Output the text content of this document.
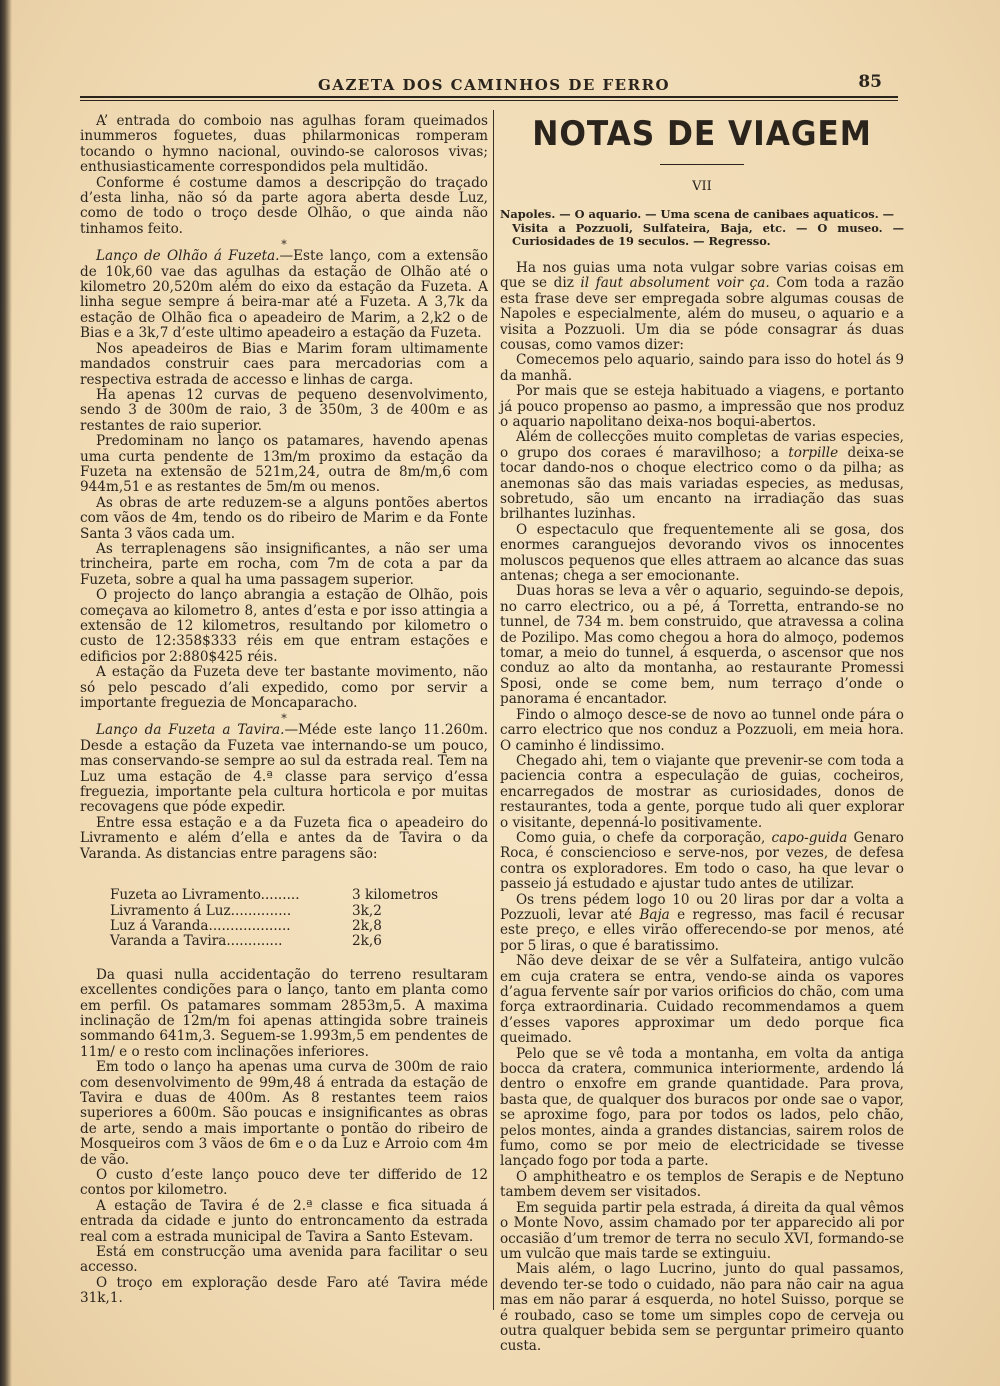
GAZETA DOS CAMINHOS DE FERRO	85

A’ entrada do comboio nas agulhas foram queimados inummeros foguetes, duas philarmonicas romperam tocando o hymno nacional, ouvindo-se calorosos vivas; enthusiasticamente correspondidos pela multidão.

Conforme é costume damos a descripção do traçado d’esta linha, não só da parte agora aberta desde Luz, como de todo o troço desde Olhão, o que ainda não tinhamos feito.

*

Lanço de Olhão á Fuzeta.—Este lanço, com a extensão de 10k,60 vae das agulhas da estação de Olhão até o kilometro 20,520m além do eixo da estação da Fuzeta. A linha segue sempre á beira-mar até a Fuzeta. A 3,7k da estação de Olhão fica o apeadeiro de Marim, a 2,k2 o de Bias e a 3k,7 d’este ultimo apeadeiro a estação da Fuzeta.

Nos apeadeiros de Bias e Marim foram ultimamente mandados construir caes para mercadorias com a respectiva estrada de accesso e linhas de carga.

Ha apenas 12 curvas de pequeno desenvolvimento, sendo 3 de 300m de raio, 3 de 350m, 3 de 400m e as restantes de raio superior.

Predominam no lanço os patamares, havendo apenas uma curta pendente de 13m/m proximo da estação da Fuzeta na extensão de 521m,24, outra de 8m/m,6 com 944m,51 e as restantes de 5m/m ou menos.

As obras de arte reduzem-se a alguns pontões abertos com vãos de 4m, tendo os do ribeiro de Marim e da Fonte Santa 3 vãos cada um.

As terraplenagens são insignificantes, a não ser uma trincheira, parte em rocha, com 7m de cota a par da Fuzeta, sobre a qual ha uma passagem superior.

O projecto do lanço abrangia a estação de Olhão, pois começava ao kilometro 8, antes d’esta e por isso attingia a extensão de 12 kilometros, resultando por kilometro o custo de 12:358$333 réis em que entram estações e edificios por 2:880$425 réis.

A estação da Fuzeta deve ter bastante movimento, não só pelo pescado d’ali expedido, como por servir a importante freguezia de Moncaparacho.

*

Lanço da Fuzeta a Tavira.—Méde este lanço 11.260m. Desde a estação da Fuzeta vae internando-se um pouco, mas conservando-se sempre ao sul da estrada real. Tem na Luz uma estação de 4.ª classe para serviço d’essa freguezia, importante pela cultura horticola e por muitas recovagens que póde expedir.

Entre essa estação e a da Fuzeta fica o apeadeiro do Livramento e além d’ella e antes da de Tavira o da Varanda. As distancias entre paragens são:

Fuzeta ao Livramento.........	3 kilometros
Livramento á Luz..............	3k,2
Luz á Varanda...................	2k,8
Varanda a Tavira.............	2k,6

Da quasi nulla accidentação do terreno resultaram excellentes condições para o lanço, tanto em planta como em perfil. Os patamares sommam 2853m,5. A maxima inclinação de 12m/m foi apenas attingida sobre traineis sommando 641m,3. Seguem-se 1.993m,5 em pendentes de 11m/ e o resto com inclinações inferiores.

Em todo o lanço ha apenas uma curva de 300m de raio com desenvolvimento de 99m,48 á entrada da estação de Tavira e duas de 400m. As 8 restantes teem raios superiores a 600m. São poucas e insignificantes as obras de arte, sendo a mais importante o pontão do ribeiro de Mosqueiros com 3 vãos de 6m e o da Luz e Arroio com 4m de vão.

O custo d’este lanço pouco deve ter differido de 12 contos por kilometro.

A estação de Tavira é de 2.ª classe e fica situada á entrada da cidade e junto do entroncamento da estrada real com a estrada municipal de Tavira a Santo Estevam.

Está em construcção uma avenida para facilitar o seu accesso.

O troço em exploração desde Faro até Tavira méde 31k,1.

NOTAS DE VIAGEM
VII

Napoles. — O aquario. — Uma scena de canibaes aquaticos. —
Visita a Pozzuoli, Sulfateira, Baja, etc. — O museo. — Curiosidades de 19 seculos. — Regresso.

Ha nos guias uma nota vulgar sobre varias coisas em que se diz il faut absolument voir ça. Com toda a razão esta frase deve ser empregada sobre algumas cousas de Napoles e especialmente, além do museu, o aquario e a visita a Pozzuoli. Um dia se póde consagrar ás duas cousas, como vamos dizer:

Comecemos pelo aquario, saindo para isso do hotel ás 9 da manhã.

Por mais que se esteja habituado a viagens, e portanto já pouco propenso ao pasmo, a impressão que nos produz o aquario napolitano deixa-nos boqui-abertos.

Além de collecções muito completas de varias especies, o grupo dos coraes é maravilhoso; a torpille deixa-se tocar dando-nos o choque electrico como o da pilha; as anemonas são das mais variadas especies, as medusas, sobretudo, são um encanto na irradiação das suas brilhantes luzinhas.

O espectaculo que frequentemente ali se gosa, dos enormes caranguejos devorando vivos os innocentes moluscos pequenos que elles attraem ao alcance das suas antenas; chega a ser emocionante.

Duas horas se leva a vêr o aquario, seguindo-se depois, no carro electrico, ou a pé, á Torretta, entrando-se no tunnel, de 734 m. bem construido, que atravessa a colina de Pozilipo. Mas como chegou a hora do almoço, podemos tomar, a meio do tunnel, á esquerda, o ascensor que nos conduz ao alto da montanha, ao restaurante Promessi Sposi, onde se come bem, num terraço d’onde o panorama é encantador.

Findo o almoço desce-se de novo ao tunnel onde pára o carro electrico que nos conduz a Pozzuoli, em meia hora. O caminho é lindissimo.

Chegado ahi, tem o viajante que prevenir-se com toda a paciencia contra a especulação de guias, cocheiros, encarregados de mostrar as curiosidades, donos de restaurantes, toda a gente, porque tudo ali quer explorar o visitante, depenná-lo positivamente.

Como guia, o chefe da corporação, capo-guida Genaro Roca, é consciencioso e serve-nos, por vezes, de defesa contra os exploradores. Em todo o caso, ha que levar o passeio já estudado e ajustar tudo antes de utilizar.

Os trens pédem logo 10 ou 20 liras por dar a volta a Pozzuoli, levar até Baja e regresso, mas facil é recusar este preço, e elles virão offerecendo-se por menos, até por 5 liras, o que é baratissimo.

Não deve deixar de se vêr a Sulfateira, antigo vulcão em cuja cratera se entra, vendo-se ainda os vapores d’agua fervente saír por varios orificios do chão, com uma força extraordinaria. Cuidado recommendamos a quem d’esses vapores approximar um dedo porque fica queimado.

Pelo que se vê toda a montanha, em volta da antiga bocca da cratera, communica interiormente, ardendo lá dentro o enxofre em grande quantidade. Para prova, basta que, de qualquer dos buracos por onde sae o vapor, se aproxime fogo, para por todos os lados, pelo chão, pelos montes, ainda a grandes distancias, sairem rolos de fumo, como se por meio de electricidade se tivesse lançado fogo por toda a parte.

O amphitheatro e os templos de Serapis e de Neptuno tambem devem ser visitados.

Em seguida partir pela estrada, á direita da qual vêmos o Monte Novo, assim chamado por ter apparecido ali por occasião d’um tremor de terra no seculo XVI, formando-se um vulcão que mais tarde se extinguiu.

Mais além, o lago Lucrino, junto do qual passamos, devendo ter-se todo o cuidado, não para não cair na agua mas em não parar á esquerda, no hotel Suisso, porque se é roubado, caso se tome um simples copo de cerveja ou outra qualquer bebida sem se perguntar primeiro quanto custa.
